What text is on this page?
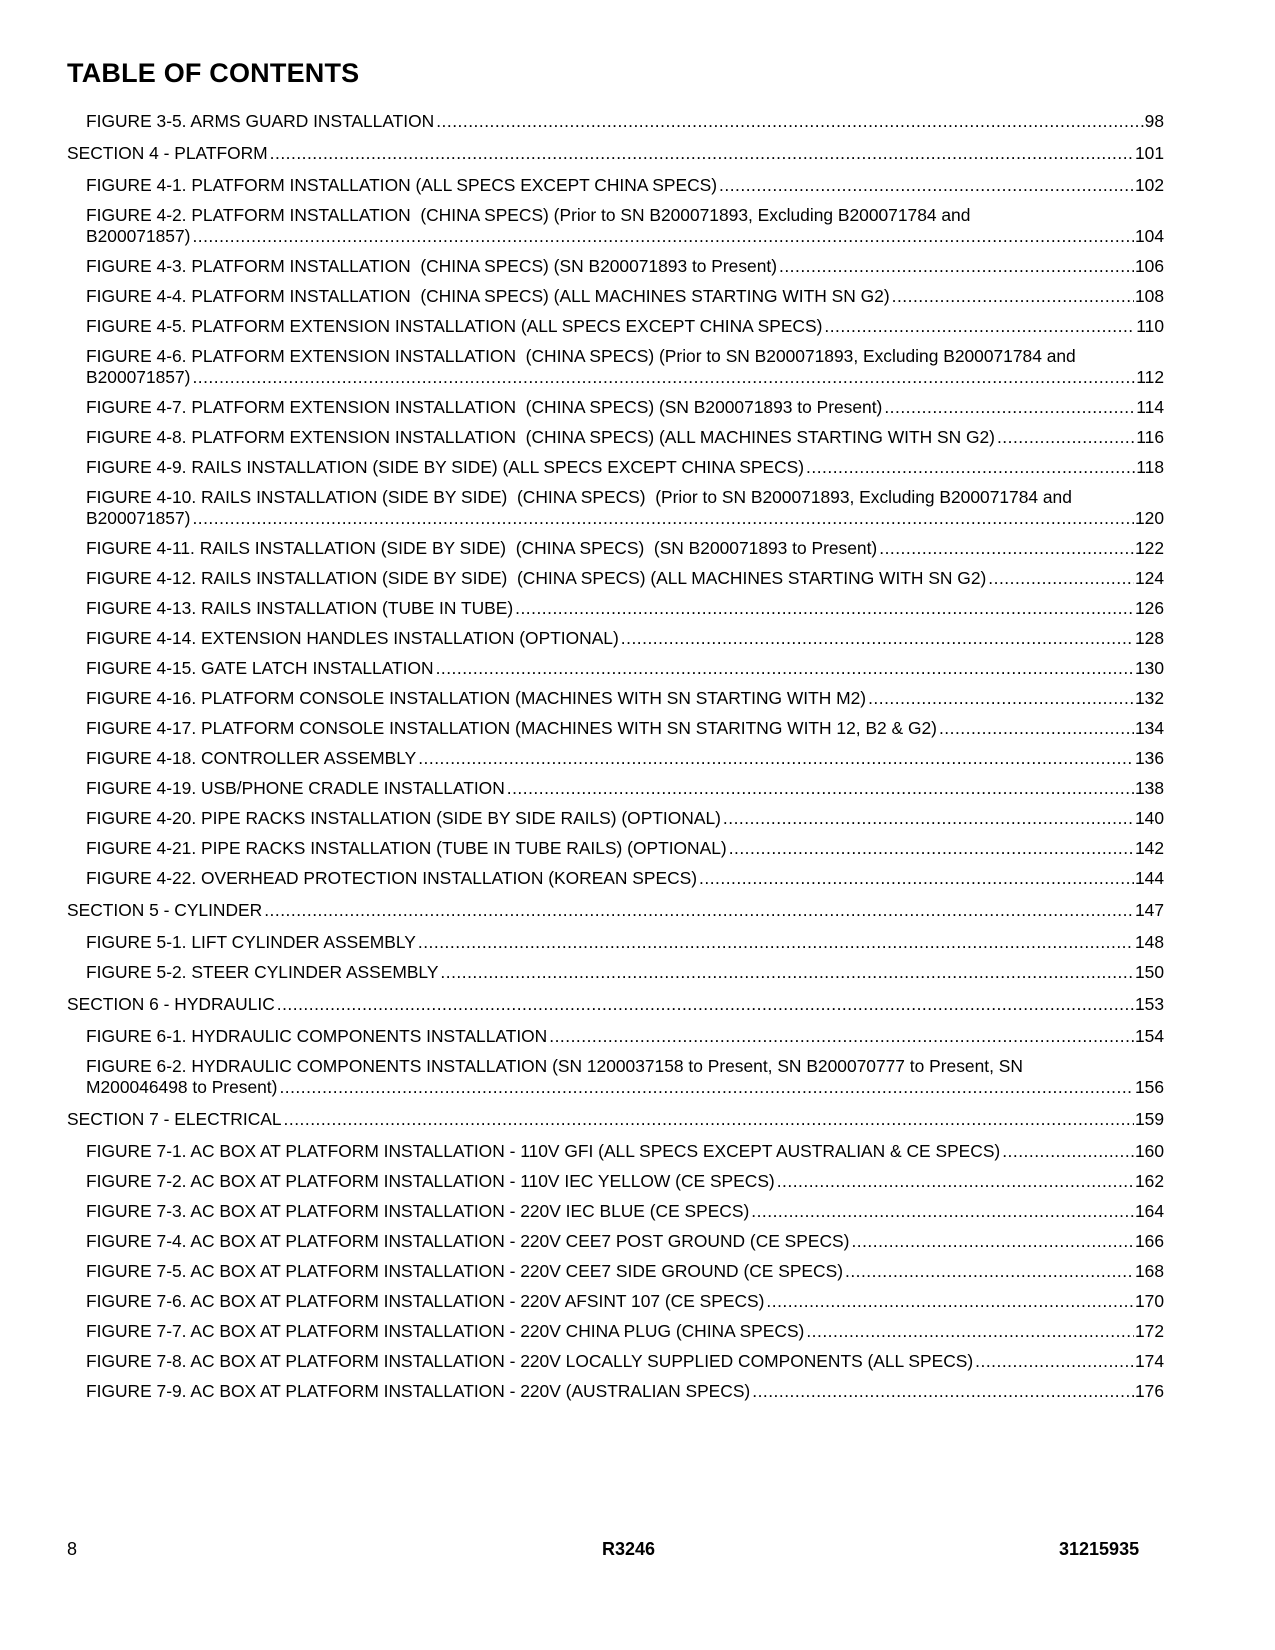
TABLE OF CONTENTS
FIGURE 3-5. ARMS GUARD INSTALLATION .....	98
SECTION 4 - PLATFORM .....	101
FIGURE 4-1. PLATFORM INSTALLATION (ALL SPECS EXCEPT CHINA SPECS) .....	102
FIGURE 4-2. PLATFORM INSTALLATION  (CHINA SPECS) (Prior to SN B200071893, Excluding B200071784 and
B200071857) .....	104
FIGURE 4-3. PLATFORM INSTALLATION  (CHINA SPECS) (SN B200071893 to Present) .....	106
FIGURE 4-4. PLATFORM INSTALLATION  (CHINA SPECS) (ALL MACHINES STARTING WITH SN G2) .....	108
FIGURE 4-5. PLATFORM EXTENSION INSTALLATION (ALL SPECS EXCEPT CHINA SPECS) .....	110
FIGURE 4-6. PLATFORM EXTENSION INSTALLATION  (CHINA SPECS) (Prior to SN B200071893, Excluding B200071784 and
B200071857) .....	112
FIGURE 4-7. PLATFORM EXTENSION INSTALLATION  (CHINA SPECS) (SN B200071893 to Present) .....	114
FIGURE 4-8. PLATFORM EXTENSION INSTALLATION  (CHINA SPECS) (ALL MACHINES STARTING WITH SN G2) .....	116
FIGURE 4-9. RAILS INSTALLATION (SIDE BY SIDE) (ALL SPECS EXCEPT CHINA SPECS) .....	118
FIGURE 4-10. RAILS INSTALLATION (SIDE BY SIDE)  (CHINA SPECS)  (Prior to SN B200071893, Excluding B200071784 and
B200071857) .....	120
FIGURE 4-11. RAILS INSTALLATION (SIDE BY SIDE)  (CHINA SPECS)  (SN B200071893 to Present) .....	122
FIGURE 4-12. RAILS INSTALLATION (SIDE BY SIDE)  (CHINA SPECS) (ALL MACHINES STARTING WITH SN G2) .....	124
FIGURE 4-13. RAILS INSTALLATION (TUBE IN TUBE) .....	126
FIGURE 4-14. EXTENSION HANDLES INSTALLATION (OPTIONAL) .....	128
FIGURE 4-15. GATE LATCH INSTALLATION .....	130
FIGURE 4-16. PLATFORM CONSOLE INSTALLATION (MACHINES WITH SN STARTING WITH M2) .....	132
FIGURE 4-17. PLATFORM CONSOLE INSTALLATION (MACHINES WITH SN STARITNG WITH 12, B2 & G2) .....	134
FIGURE 4-18. CONTROLLER ASSEMBLY .....	136
FIGURE 4-19. USB/PHONE CRADLE INSTALLATION .....	138
FIGURE 4-20. PIPE RACKS INSTALLATION (SIDE BY SIDE RAILS) (OPTIONAL) .....	140
FIGURE 4-21. PIPE RACKS INSTALLATION (TUBE IN TUBE RAILS) (OPTIONAL) .....	142
FIGURE 4-22. OVERHEAD PROTECTION INSTALLATION (KOREAN SPECS) .....	144
SECTION 5 - CYLINDER .....	147
FIGURE 5-1. LIFT CYLINDER ASSEMBLY .....	148
FIGURE 5-2. STEER CYLINDER ASSEMBLY .....	150
SECTION 6 - HYDRAULIC .....	153
FIGURE 6-1. HYDRAULIC COMPONENTS INSTALLATION .....	154
FIGURE 6-2. HYDRAULIC COMPONENTS INSTALLATION (SN 1200037158 to Present, SN B200070777 to Present, SN
M200046498 to Present) .....	156
SECTION 7 - ELECTRICAL .....	159
FIGURE 7-1. AC BOX AT PLATFORM INSTALLATION - 110V GFI (ALL SPECS EXCEPT AUSTRALIAN & CE SPECS) .....	160
FIGURE 7-2. AC BOX AT PLATFORM INSTALLATION - 110V IEC YELLOW (CE SPECS) .....	162
FIGURE 7-3. AC BOX AT PLATFORM INSTALLATION - 220V IEC BLUE (CE SPECS) .....	164
FIGURE 7-4. AC BOX AT PLATFORM INSTALLATION - 220V CEE7 POST GROUND (CE SPECS) .....	166
FIGURE 7-5. AC BOX AT PLATFORM INSTALLATION - 220V CEE7 SIDE GROUND (CE SPECS) .....	168
FIGURE 7-6. AC BOX AT PLATFORM INSTALLATION - 220V AFSINT 107 (CE SPECS) .....	170
FIGURE 7-7. AC BOX AT PLATFORM INSTALLATION - 220V CHINA PLUG (CHINA SPECS) .....	172
FIGURE 7-8. AC BOX AT PLATFORM INSTALLATION - 220V LOCALLY SUPPLIED COMPONENTS (ALL SPECS) .....	174
FIGURE 7-9. AC BOX AT PLATFORM INSTALLATION - 220V (AUSTRALIAN SPECS) .....	176
8	R3246	31215935
